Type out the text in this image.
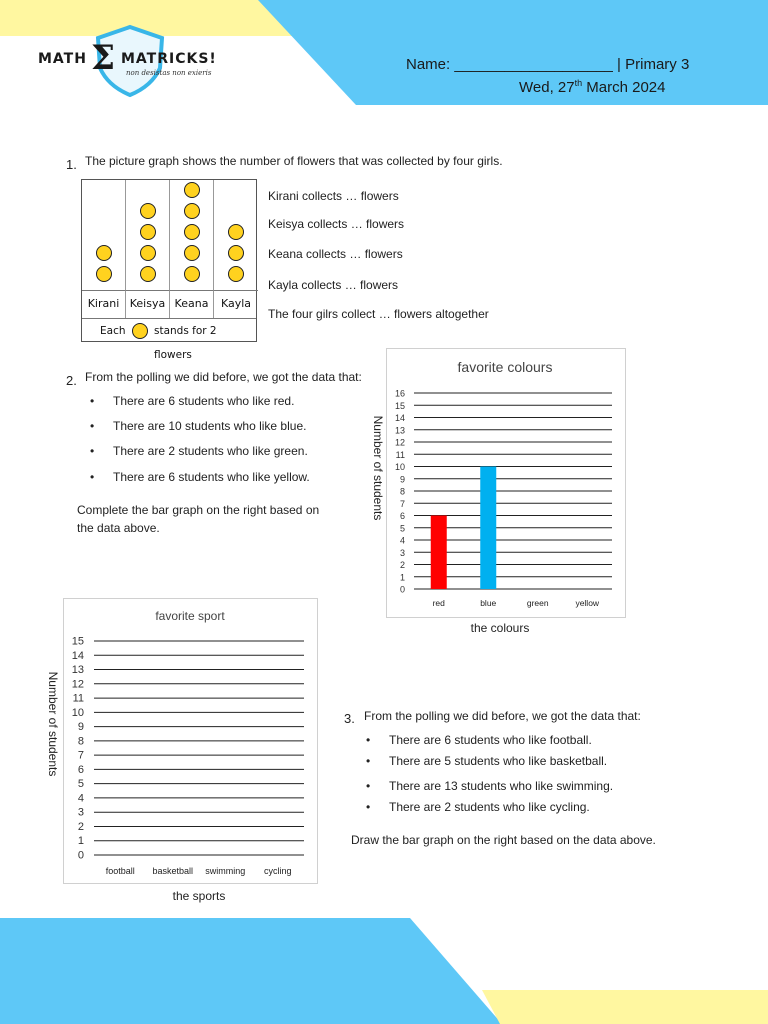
MATH Σ MATRICKS!
non desistas non exieris	Name: ___________________ | Primary 3
Wed, 27th March 2024
1. The picture graph shows the number of flowers that was collected by four girls.
Kirani Keisya Keana	Kayla
Each	stands for 2 flowers
Kirani collects … flowers
Keisya collects … flowers
Keana collects … flowers
Kayla collects … flowers
The four gilrs collect … flowers altogether
2. From the polling we did before, we got the data that:
• There are 6 students who like red.
• There are 10 students who like blue.
• There are 2 students who like green.
• There are 6 students who like yellow.
Complete the bar graph on the right based on
the data above.
favorite colours
0
1
2
3
4
5
6
7
8
9
10
11
12
13
14
15
16
red	blue	green	yellow
the colours
Number of students
favorite sport
0
1
2
3
4
5
6
7
8
9
10
11
12
13
14
15
football basketball swimming cycling
the sports
Number of students	3. From the polling we did before, we got the data that:
• There are 6 students who like football.
• There are 5 students who like basketball.
• There are 13 students who like swimming.
• There are 2 students who like cycling.
Draw the bar graph on the right based on the data above.
